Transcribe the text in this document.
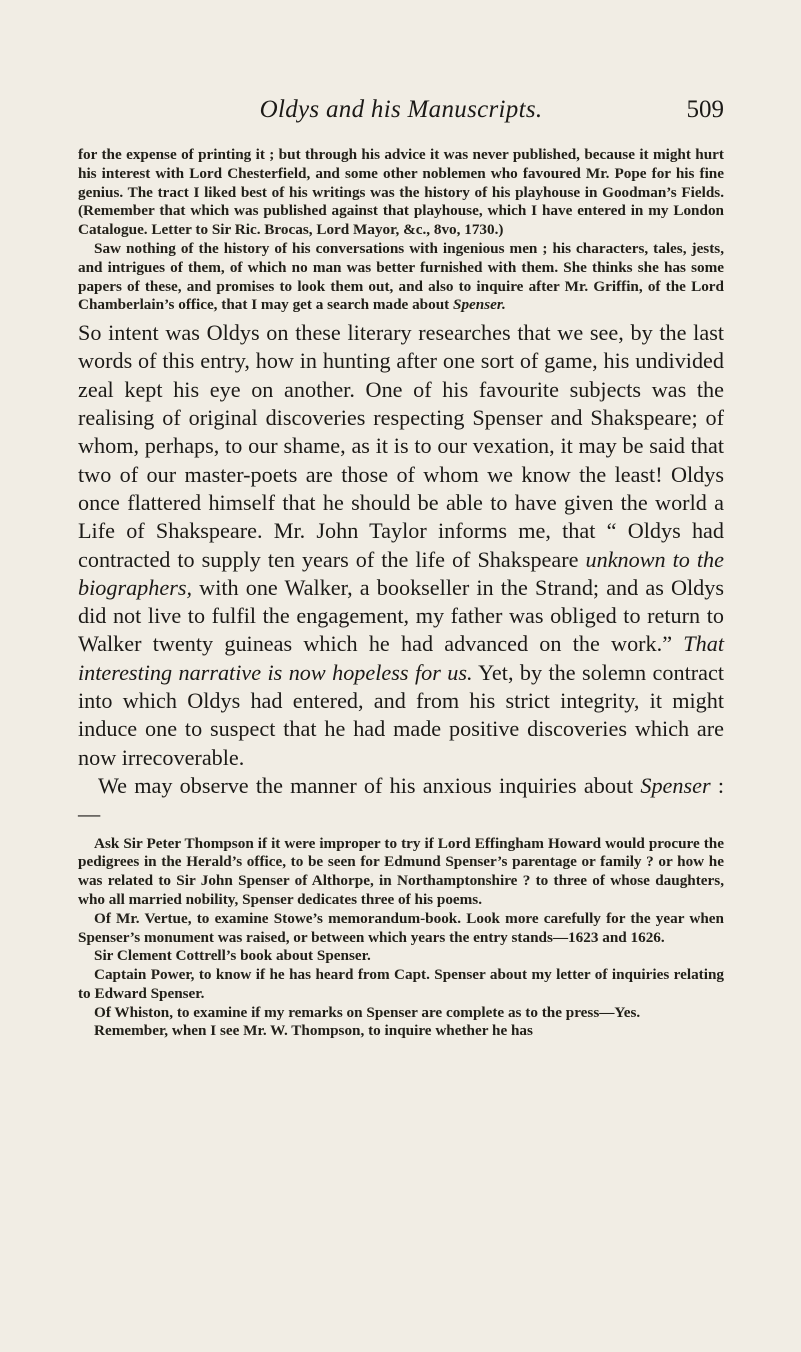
Oldys and his Manuscripts.	509

for the expense of printing it ; but through his advice it was never published, because it might hurt his interest with Lord Chesterfield, and some other noblemen who favoured Mr. Pope for his fine genius. The tract I liked best of his writings was the history of his playhouse in Goodman’s Fields. (Remember that which was published against that playhouse, which I have entered in my London Catalogue. Letter to Sir Ric. Brocas, Lord Mayor, &c., 8vo, 1730.)

Saw nothing of the history of his conversations with ingenious men ; his characters, tales, jests, and intrigues of them, of which no man was better furnished with them. She thinks she has some papers of these, and promises to look them out, and also to inquire after Mr. Griffin, of the Lord Chamberlain’s office, that I may get a search made about Spenser.

So intent was Oldys on these literary researches that we see, by the last words of this entry, how in hunting after one sort of game, his undivided zeal kept his eye on another. One of his favourite subjects was the realising of original discoveries respecting Spenser and Shakspeare; of whom, perhaps, to our shame, as it is to our vexation, it may be said that two of our master-poets are those of whom we know the least! Oldys once flattered himself that he should be able to have given the world a Life of Shakspeare. Mr. John Taylor informs me, that “ Oldys had contracted to supply ten years of the life of Shakspeare unknown to the biographers, with one Walker, a bookseller in the Strand; and as Oldys did not live to fulfil the engagement, my father was obliged to return to Walker twenty guineas which he had advanced on the work.” That interesting narrative is now hopeless for us. Yet, by the solemn contract into which Oldys had entered, and from his strict integrity, it might induce one to suspect that he had made positive discoveries which are now irrecoverable.

We may observe the manner of his anxious inquiries about Spenser :—

Ask Sir Peter Thompson if it were improper to try if Lord Effingham Howard would procure the pedigrees in the Herald’s office, to be seen for Edmund Spenser’s parentage or family ? or how he was related to Sir John Spenser of Althorpe, in Northamptonshire ? to three of whose daughters, who all married nobility, Spenser dedicates three of his poems.

Of Mr. Vertue, to examine Stowe’s memorandum-book. Look more carefully for the year when Spenser’s monument was raised, or between which years the entry stands—1623 and 1626.

Sir Clement Cottrell’s book about Spenser.

Captain Power, to know if he has heard from Capt. Spenser about my letter of inquiries relating to Edward Spenser.

Of Whiston, to examine if my remarks on Spenser are complete as to the press—Yes.

Remember, when I see Mr. W. Thompson, to inquire whether he has
